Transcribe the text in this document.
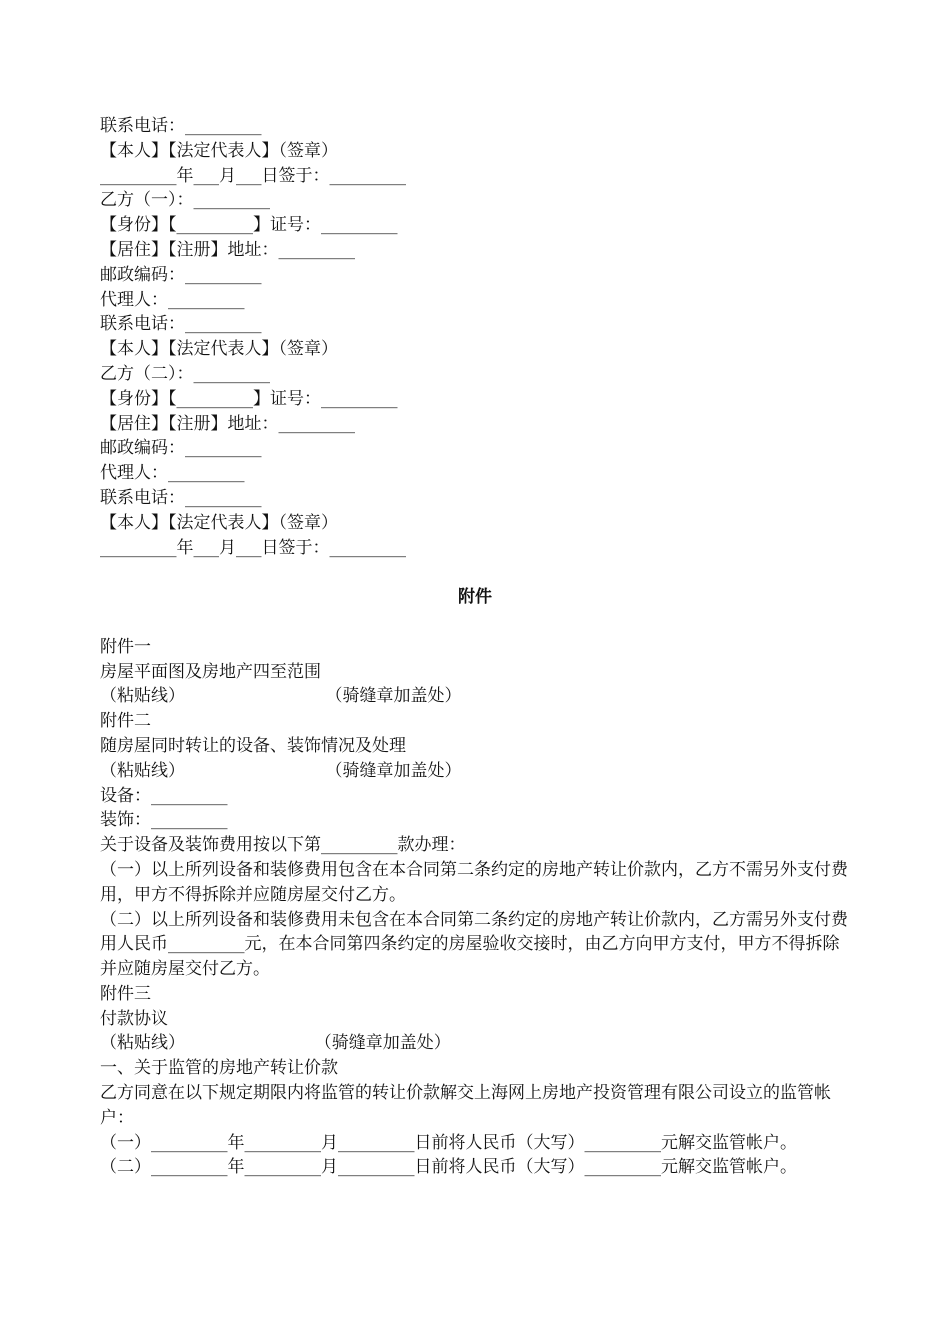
联系电话：_________
【本人】【法定代表人】（签章）
_________年___月___日签于：_________
乙方（一）：_________
【身份】【_________】证号：_________
【居住】【注册】地址：_________
邮政编码：_________
代理人：_________
联系电话：_________
【本人】【法定代表人】（签章）
乙方（二）：_________
【身份】【_________】证号：_________
【居住】【注册】地址：_________
邮政编码：_________
代理人：_________
联系电话：_________
【本人】【法定代表人】（签章）
_________年___月___日签于：_________
附件
附件一
房屋平面图及房地产四至范围
（粘贴线）                          （骑缝章加盖处）
附件二
随房屋同时转让的设备、装饰情况及处理
（粘贴线）                          （骑缝章加盖处）
设备：_________
装饰：_________
关于设备及装饰费用按以下第_________款办理：

（一）以上所列设备和装修费用包含在本合同第二条约定的房地产转让价款内，乙方不需另外支付费用，甲方不得拆除并应随房屋交付乙方。

（二）以上所列设备和装修费用未包含在本合同第二条约定的房地产转让价款内，乙方需另外支付费用人民币_________元，在本合同第四条约定的房屋验收交接时，由乙方向甲方支付，甲方不得拆除并应随房屋交付乙方。

附件三
付款协议
（粘贴线）                        （骑缝章加盖处）
一、关于监管的房地产转让价款

乙方同意在以下规定期限内将监管的转让价款解交上海网上房地产投资管理有限公司设立的监管帐户：

（一）_________年_________月_________日前将人民币（大写）_________元解交监管帐户。

（二）_________年_________月_________日前将人民币（大写）_________元解交监管帐户。
